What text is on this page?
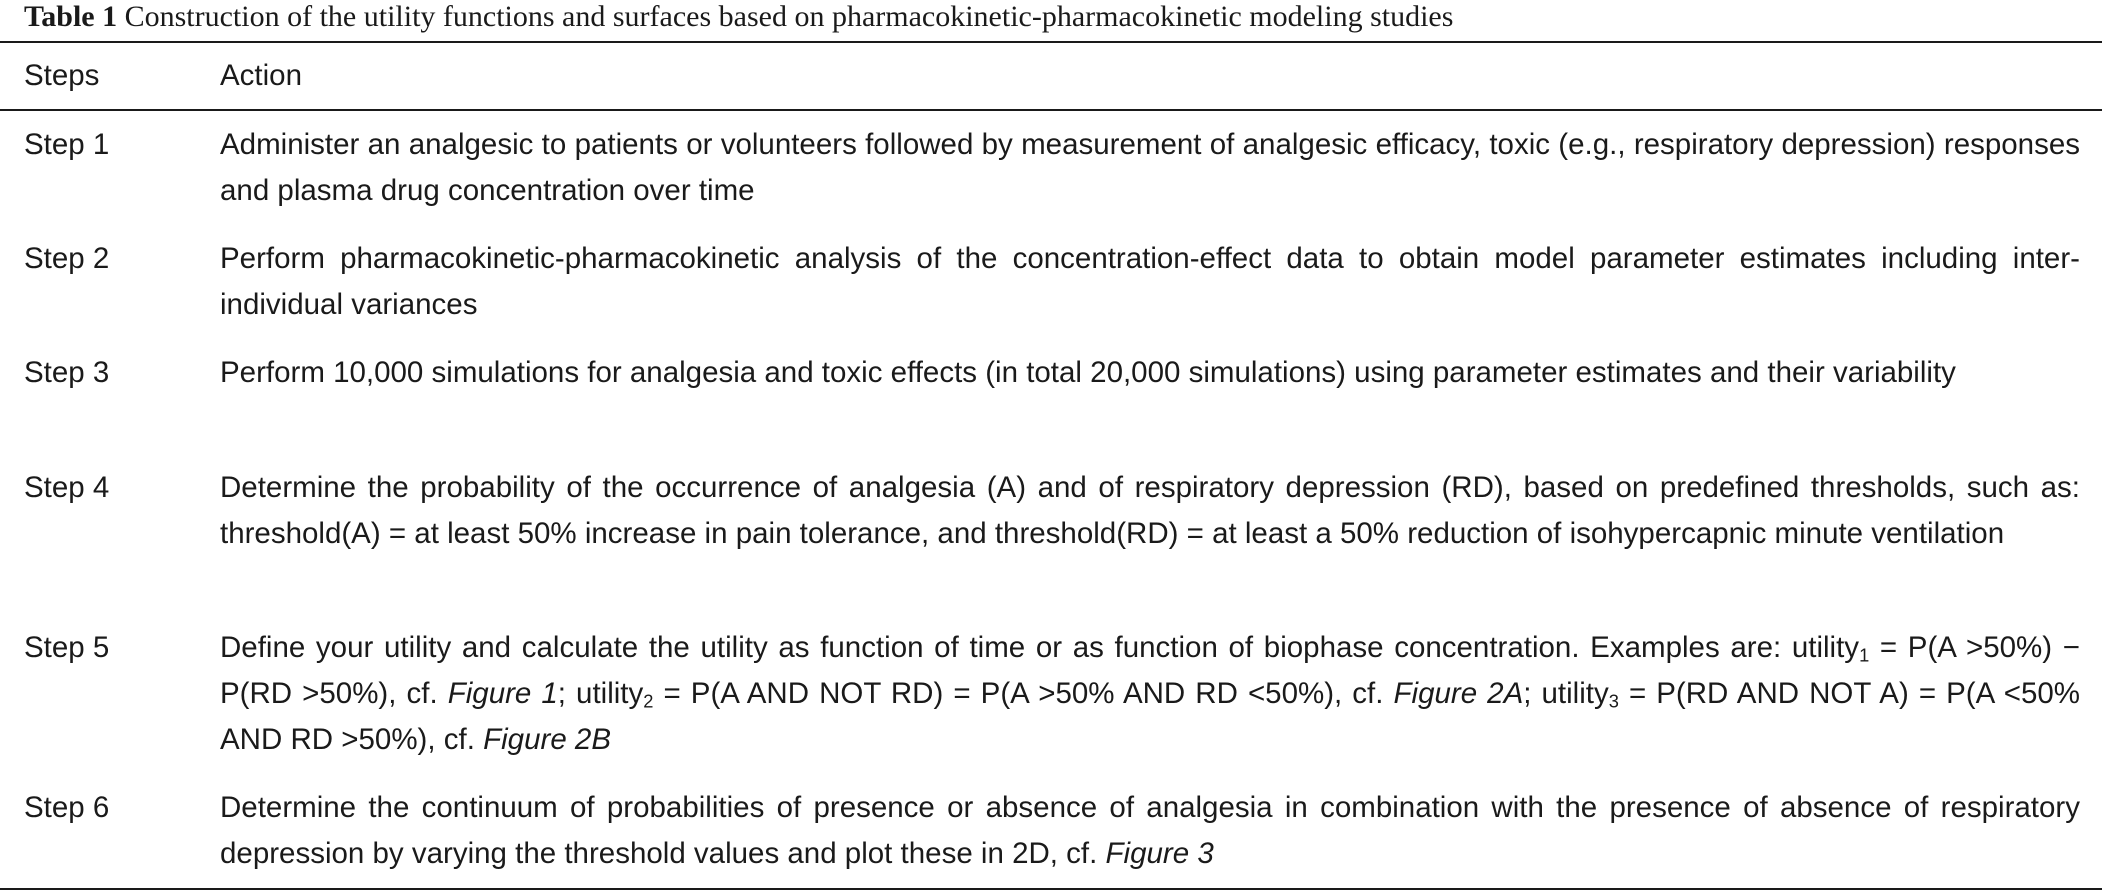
Table 1 Construction of the utility functions and surfaces based on pharmacokinetic-pharmacokinetic modeling studies
Steps	Action
Step 1	Administer an analgesic to patients or volunteers followed by measurement of analgesic efficacy, toxic (e.g., respiratory depression) responses and plasma drug concentration over time
Step 2	Perform pharmacokinetic-pharmacokinetic analysis of the concentration-effect data to obtain model parameter estimates including inter-individual variances
Step 3	Perform 10,000 simulations for analgesia and toxic effects (in total 20,000 simulations) using parameter estimates and their variability
Step 4	Determine the probability of the occurrence of analgesia (A) and of respiratory depression (RD), based on predefined thresholds, such as: threshold(A) = at least 50% increase in pain tolerance, and threshold(RD) = at least a 50% reduction of isohypercapnic minute ventilation
Step 5	Define your utility and calculate the utility as function of time or as function of biophase concentration. Examples are: utility$_1$ = P(A >50%) − P(RD >50%), cf. Figure 1; utility$_2$ = P(A AND NOT RD) = P(A >50% AND RD <50%), cf. Figure 2A; utility$_3$ = P(RD AND NOT A) = P(A <50% AND RD >50%), cf. Figure 2B
Step 6	Determine the continuum of probabilities of presence or absence of analgesia in combination with the presence of absence of respiratory depression by varying the threshold values and plot these in 2D, cf. Figure 3
